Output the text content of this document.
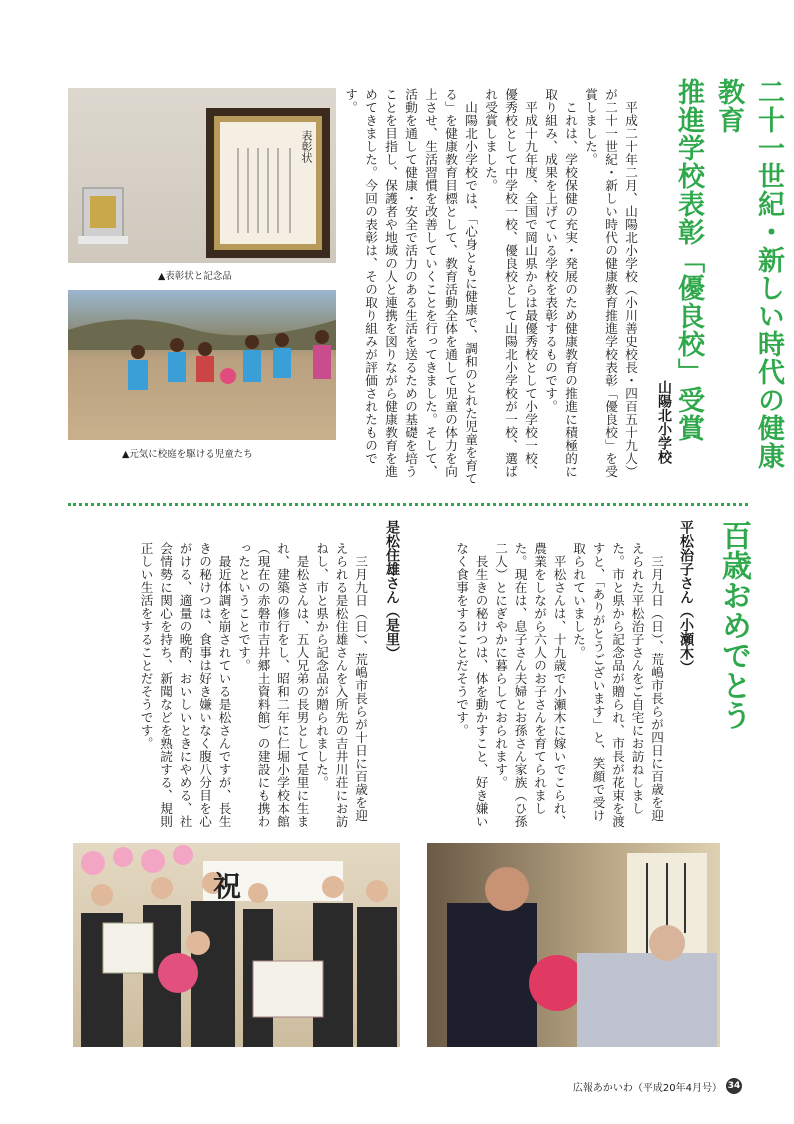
二十一世紀・新しい時代の健康教育
推進学校表彰「優良校」受賞
山陽北小学校

平成二十年二月、山陽北小学校（小川善史校長・四百五十九人）が二十一世紀・新しい時代の健康教育推進学校表彰「優良校」を受賞しました。

これは、学校保健の充実・発展のため健康教育の推進に積極的に取り組み、成果を上げている学校を表彰するものです。

平成十九年度、全国で岡山県からは最優秀校として小学校一校、優秀校として中学校一校、優良校として山陽北小学校が一校、選ばれ受賞しました。

山陽北小学校では、「心身ともに健康で、調和のとれた児童を育てる」を健康教育目標として、教育活動全体を通して児童の体力を向上させ、生活習慣を改善していくことを行ってきました。そして、活動を通して健康・安全で活力のある生活を送るための基礎を培うことを目指し、保護者や地域の人と連携を図りながら健康教育を進めてきました。今回の表彰は、その取り組みが評価されたものです。

表彰状
▲表彰状と記念品
▲元気に校庭を駆ける児童たち
百歳おめでとう
平松治子さん（小瀬木）

三月九日（日）、荒嶋市長らが四日に百歳を迎えられた平松治子さんをご自宅にお訪ねしました。市と県から記念品が贈られ、市長が花束を渡すと、「ありがとうございます」と、笑顔で受け取られていました。

平松さんは、十九歳で小瀬木に嫁いでこられ、農業をしながら六人のお子さんを育てられました。現在は、息子さん夫婦とお孫さん家族（ひ孫二人）とにぎやかに暮らしておられます。

長生きの秘けつは、体を動かすこと、好き嫌いなく食事をすることだそうです。

是松住雄さん（是里）

三月九日（日）、荒嶋市長らが十日に百歳を迎えられる是松住雄さんを入所先の吉井川荘にお訪ねし、市と県から記念品が贈られました。

是松さんは、五人兄弟の長男として是里に生まれ、建築の修行をし、昭和二年に仁堀小学校本館（現在の赤磐市吉井郷土資料館）の建設にも携わったということです。

最近体調を崩されている是松さんですが、長生きの秘けつは、食事は好き嫌いなく腹八分目を心がける、適量の晩酌、おいしいときにやめる、社会情勢に関心を持ち、新聞などを熟読する、規則正しい生活をすることだそうです。

祝
広報あかいわ（平成20年4月号） 34
